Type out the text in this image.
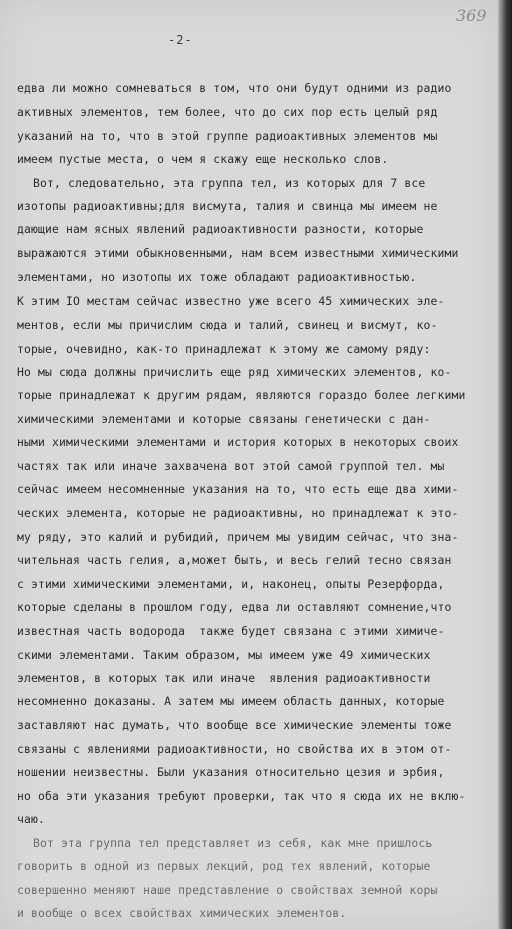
369
-2-
едва ли можно сомневаться в том, что они будут одними из радио
активных элементов, тем более, что до сих пор есть целый ряд
указаний на то, что в этой группе радиоактивных элементов мы
имеем пустые места, о чем я скажу еще несколько слов.
Вот, следовательно, эта группа тел, из которых для 7 все
изотопы радиоактивны;для висмута, талия и свинца мы имеем не
дающие нам ясных явлений радиоактивности разности, которые
выражаются этими обыкновенными, нам всем известными химическими
элементами, но изотопы их тоже обладают радиоактивностью.
К этим IO местам сейчас известно уже всего 45 химических эле-
ментов, если мы причислим сюда и талий, свинец и висмут, ко-
торые, очевидно, как-то принадлежат к этому же самому ряду:
Но мы сюда должны причислить еще ряд химических элементов, ко-
торые принадлежат к другим рядам, являются гораздо более легкими
химическими элементами и которые связаны генетически с дан-
ными химическими элементами и история которых в некоторых своих
частях так или иначе захвачена вот этой самой группой тел. мы
сейчас имеем несомненные указания на то, что есть еще два хими-
ческих элемента, которые не радиоактивны, но принадлежат к это-
му ряду, это калий и рубидий, причем мы увидим сейчас, что зна-
чительная часть гелия, а,может быть, и весь гелий тесно связан
с этими химическими элементами, и, наконец, опыты Резерфорда,
которые сделаны в прошлом году, едва ли оставляют сомнение,что
известная часть водорода  также будет связана с этими химиче-
скими элементами. Таким образом, мы имеем уже 49 химических
элементов, в которых так или иначе  явления радиоактивности
несомненно доказаны. А затем мы имеем область данных, которые
заставляют нас думать, что вообще все химические элементы тоже
связаны с явлениями радиоактивности, но свойства их в этом от-
ношении неизвестны. Были указания относительно цезия и эрбия,
но оба эти указания требуют проверки, так что я сюда их не вклю-
чаю.
Вот эта группа тел представляет из себя, как мне пришлось
говорить в одной из первых лекций, род тех явлений, которые
совершенно меняют наше представление о свойствах земной коры
и вообще о всех свойствах химических элементов.
